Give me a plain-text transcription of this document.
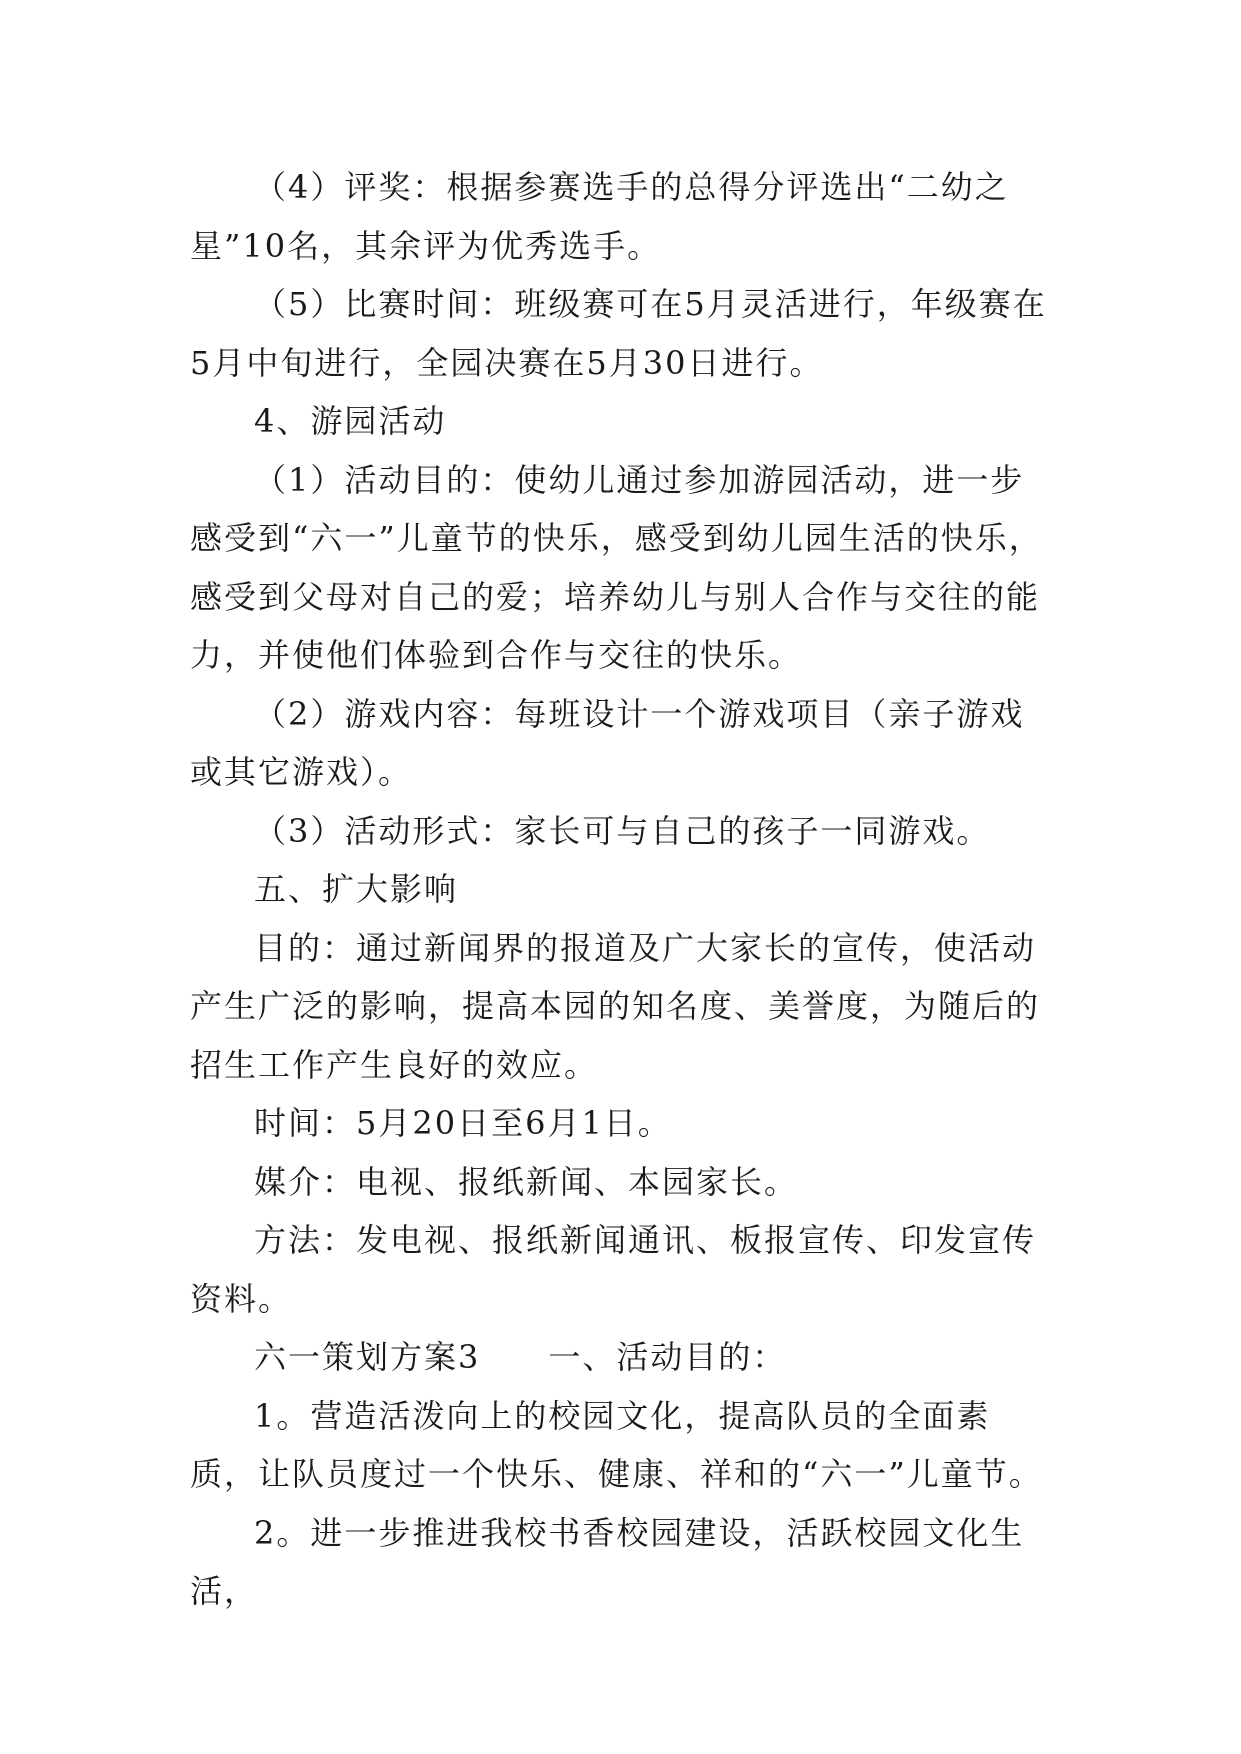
（4）评奖：根据参赛选手的总得分评选出“二幼之星”10名，其余评为优秀选手。

（5）比赛时间：班级赛可在5月灵活进行，年级赛在5月中旬进行，全园决赛在5月30日进行。

4、游园活动

（1）活动目的：使幼儿通过参加游园活动，进一步感受到“六一”儿童节的快乐，感受到幼儿园生活的快乐，感受到父母对自己的爱；培养幼儿与别人合作与交往的能力，并使他们体验到合作与交往的快乐。

（2）游戏内容：每班设计一个游戏项目（亲子游戏或其它游戏）。

（3）活动形式：家长可与自己的孩子一同游戏。

五、扩大影响

目的：通过新闻界的报道及广大家长的宣传，使活动产生广泛的影响，提高本园的知名度、美誉度，为随后的招生工作产生良好的效应。

时间：5月20日至6月1日。

媒介：电视、报纸新闻、本园家长。

方法：发电视、报纸新闻通讯、板报宣传、印发宣传资料。

六一策划方案3　　一、活动目的：

1。营造活泼向上的校园文化，提高队员的全面素质，让队员度过一个快乐、健康、祥和的“六一”儿童节。

2。进一步推进我校书香校园建设，活跃校园文化生活，
